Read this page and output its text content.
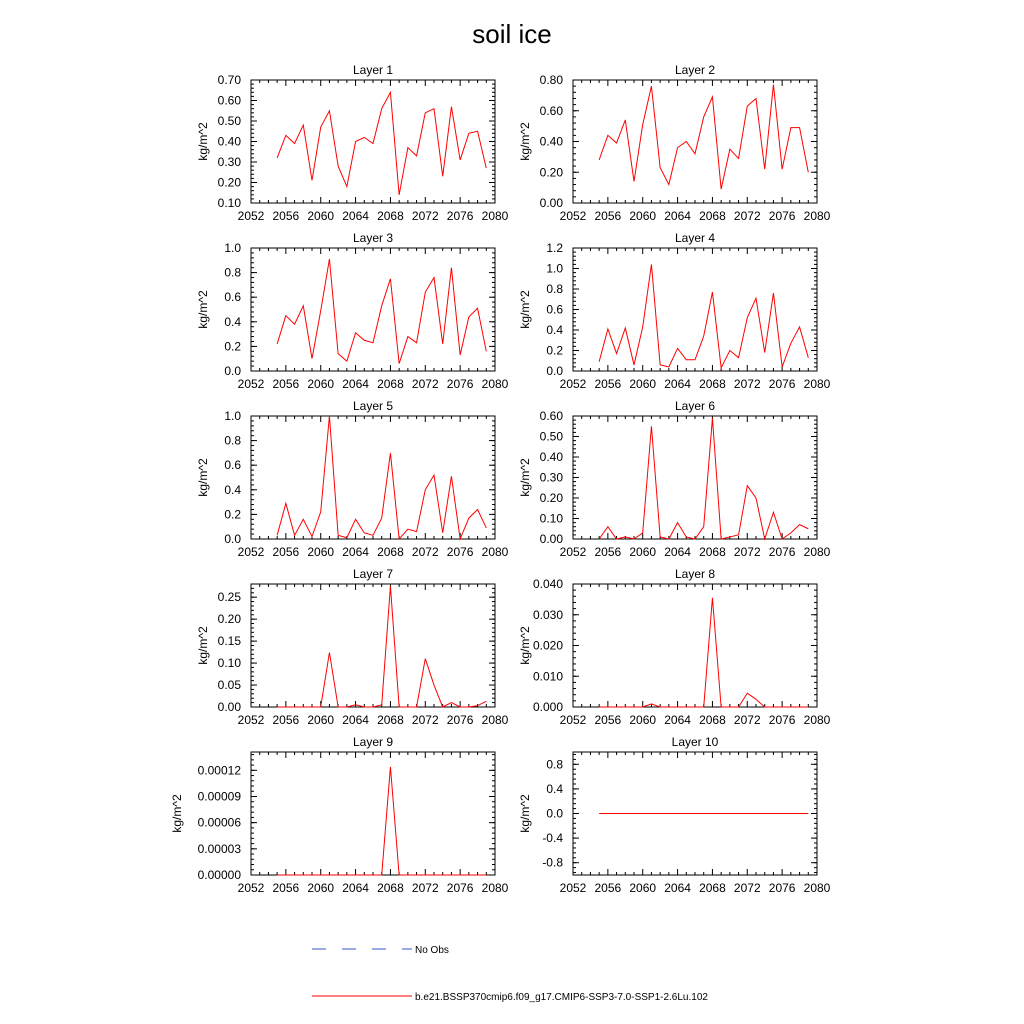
soil ice
Layer 1
2052 2056 2060 2064 2068 2072 2076 2080
0.10
0.20
0.30
0.40
0.50
0.60
0.70
kg/m^2
Layer 2
2052 2056 2060 2064 2068 2072 2076 2080
0.00
0.20
0.40
0.60
0.80
kg/m^2
Layer 3
2052 2056 2060 2064 2068 2072 2076 2080
0.0
0.2
0.4
0.6
0.8
1.0
kg/m^2
Layer 4
2052 2056 2060 2064 2068 2072 2076 2080
0.0
0.2
0.4
0.6
0.8
1.0
1.2
kg/m^2
Layer 5
2052 2056 2060 2064 2068 2072 2076 2080
0.0
0.2
0.4
0.6
0.8
1.0
kg/m^2
Layer 6
2052 2056 2060 2064 2068 2072 2076 2080
0.00
0.10
0.20
0.30
0.40
0.50
0.60
kg/m^2
Layer 7
2052 2056 2060 2064 2068 2072 2076 2080
0.00
0.05
0.10
0.15
0.20
0.25
kg/m^2
Layer 8
2052 2056 2060 2064 2068 2072 2076 2080
0.000
0.010
0.020
0.030
0.040
kg/m^2
Layer 9
2052 2056 2060 2064 2068 2072 2076 2080
0.00000
0.00003
0.00006
0.00009
0.00012
kg/m^2
Layer 10
2052 2056 2060 2064 2068 2072 2076 2080
-0.8
-0.4
0.0
0.4
0.8
kg/m^2
No Obs
b.e21.BSSP370cmip6.f09_g17.CMIP6-SSP3-7.0-SSP1-2.6Lu.102
